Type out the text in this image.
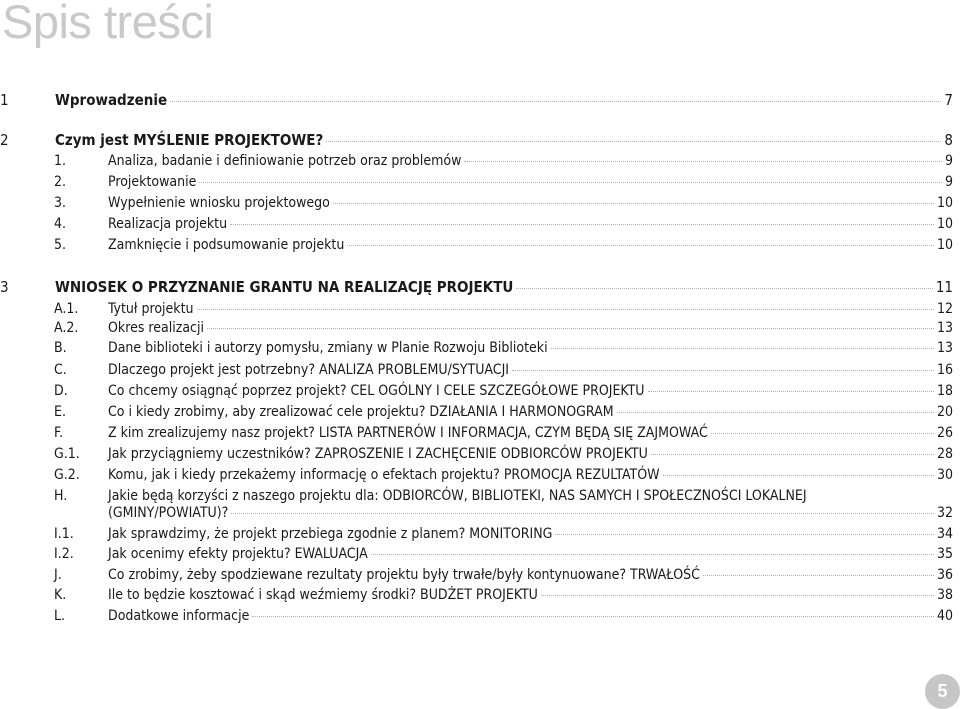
Spis treści
1	Wprowadzenie	7
2	Czym jest MYŚLENIE PROJEKTOWE?	8
1.	Analiza, badanie i definiowanie potrzeb oraz problemów	9
2.	Projektowanie	9
3.	Wypełnienie wniosku projektowego	10
4.	Realizacja projektu	10
5.	Zamknięcie i podsumowanie projektu	10
3	WNIOSEK O PRZYZNANIE GRANTU NA REALIZACJĘ PROJEKTU	11
A.1. Tytuł projektu	12
A.2. Okres realizacji	13
B.	Dane biblioteki i autorzy pomysłu, zmiany w Planie Rozwoju Biblioteki	13
C.	Dlaczego projekt jest potrzebny? ANALIZA PROBLEMU/SYTUACJI	16
D.	Co chcemy osiągnąć poprzez projekt? CEL OGÓLNY I CELE SZCZEGÓŁOWE PROJEKTU	18
E.	Co i kiedy zrobimy, aby zrealizować cele projektu? DZIAŁANIA I HARMONOGRAM	20
F.	Z kim zrealizujemy nasz projekt? LISTA PARTNERÓW I INFORMACJA, CZYM BĘDĄ SIĘ ZAJMOWAĆ	26
G.1. Jak przyciągniemy uczestników? ZAPROSZENIE I ZACHĘCENIE ODBIORCÓW PROJEKTU	28
G.2. Komu, jak i kiedy przekażemy informację o efektach projektu? PROMOCJA REZULTATÓW	30
H.	Jakie będą korzyści z naszego projektu dla: ODBIORCÓW, BIBLIOTEKI, NAS SAMYCH I SPOŁECZNOŚCI LOKALNEJ
(GMINY/POWIATU)?	32
I.1. Jak sprawdzimy, że projekt przebiega zgodnie z planem? MONITORING	34
I.2. Jak ocenimy efekty projektu? EWALUACJA	35
J.	Co zrobimy, żeby spodziewane rezultaty projektu były trwałe/były kontynuowane? TRWAŁOŚĆ	36
K.	Ile to będzie kosztować i skąd weźmiemy środki? BUDŻET PROJEKTU	38
L.	Dodatkowe informacje	40
5
